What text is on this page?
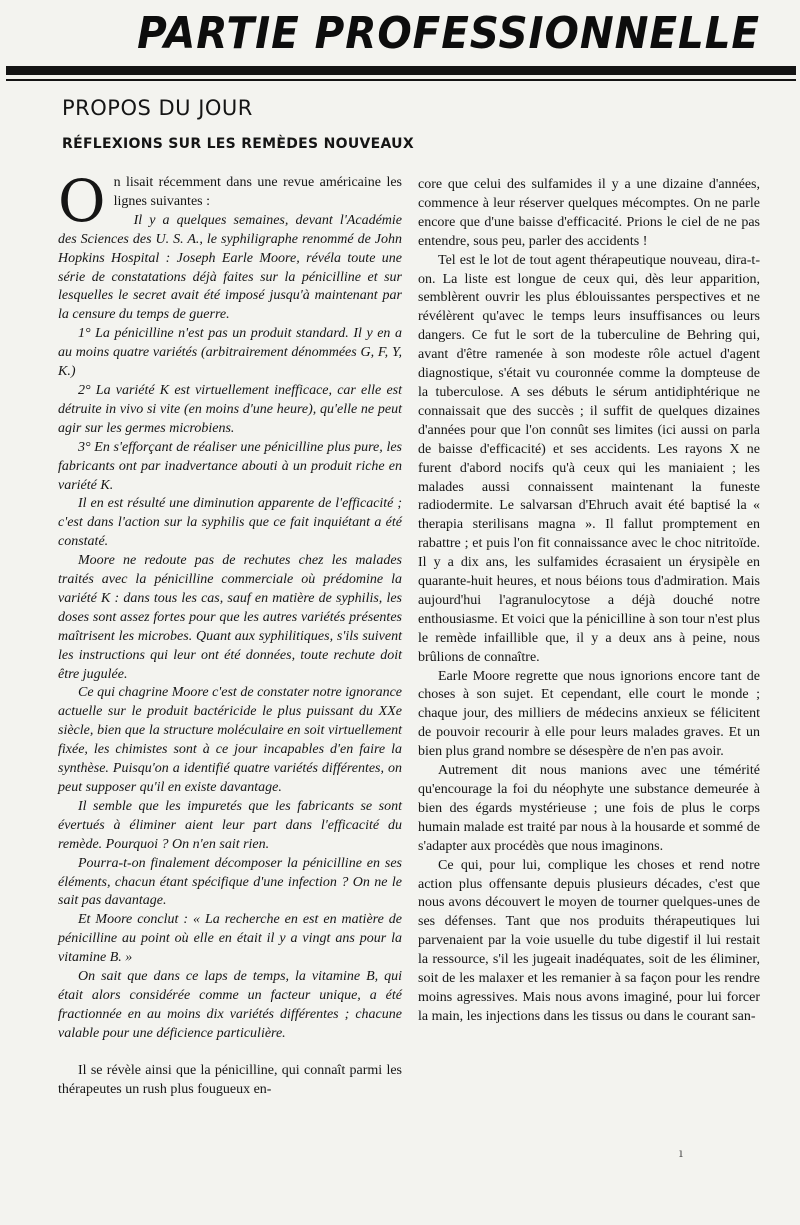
PARTIE PROFESSIONNELLE
PROPOS DU JOUR
RÉFLEXIONS SUR LES REMÈDES NOUVEAUX

On lisait récemment dans une revue américaine les lignes suivantes :

Il y a quelques semaines, devant l'Académie des Sciences des U. S. A., le syphiligraphe renommé de John Hopkins Hospital : Joseph Earle Moore, révéla toute une série de constatations déjà faites sur la pénicilline et sur lesquelles le secret avait été imposé jusqu'à maintenant par la censure du temps de guerre.

1° La pénicilline n'est pas un produit standard. Il y en a au moins quatre variétés (arbitrairement dénommées G, F, Y, K.)

2° La variété K est virtuellement inefficace, car elle est détruite in vivo si vite (en moins d'une heure), qu'elle ne peut agir sur les germes microbiens.

3° En s'efforçant de réaliser une pénicilline plus pure, les fabricants ont par inadvertance abouti à un produit riche en variété K.

Il en est résulté une diminution apparente de l'efficacité ; c'est dans l'action sur la syphilis que ce fait inquiétant a été constaté.

Moore ne redoute pas de rechutes chez les malades traités avec la pénicilline commerciale où prédomine la variété K : dans tous les cas, sauf en matière de syphilis, les doses sont assez fortes pour que les autres variétés présentes maîtrisent les microbes. Quant aux syphilitiques, s'ils suivent les instructions qui leur ont été données, toute rechute doit être jugulée.

Ce qui chagrine Moore c'est de constater notre ignorance actuelle sur le produit bactéricide le plus puissant du XXe siècle, bien que la structure moléculaire en soit virtuellement fixée, les chimistes sont à ce jour incapables d'en faire la synthèse. Puisqu'on a identifié quatre variétés différentes, on peut supposer qu'il en existe davantage.

Il semble que les impuretés que les fabricants se sont évertués à éliminer aient leur part dans l'efficacité du remède. Pourquoi ? On n'en sait rien.

Pourra-t-on finalement décomposer la pénicilline en ses éléments, chacun étant spécifique d'une infection ? On ne le sait pas davantage.

Et Moore conclut : « La recherche en est en matière de pénicilline au point où elle en était il y a vingt ans pour la vitamine B. »

On sait que dans ce laps de temps, la vitamine B, qui était alors considérée comme un facteur unique, a été fractionnée en au moins dix variétés différentes ; chacune valable pour une déficience particulière.

Il se révèle ainsi que la pénicilline, qui connaît parmi les thérapeutes un rush plus fougueux en-

core que celui des sulfamides il y a une dizaine d'années, commence à leur réserver quelques mécomptes. On ne parle encore que d'une baisse d'efficacité. Prions le ciel de ne pas entendre, sous peu, parler des accidents !

Tel est le lot de tout agent thérapeutique nouveau, dira-t-on. La liste est longue de ceux qui, dès leur apparition, semblèrent ouvrir les plus éblouissantes perspectives et ne révélèrent qu'avec le temps leurs insuffisances ou leurs dangers. Ce fut le sort de la tuberculine de Behring qui, avant d'être ramenée à son modeste rôle actuel d'agent diagnostique, s'était vu couronnée comme la dompteuse de la tuberculose. A ses débuts le sérum antidiphtérique ne connaissait que des succès ; il suffit de quelques dizaines d'années pour que l'on connût ses limites (ici aussi on parla de baisse d'efficacité) et ses accidents. Les rayons X ne furent d'abord nocifs qu'à ceux qui les maniaient ; les malades aussi connaissent maintenant la funeste radiodermite. Le salvarsan d'Ehruch avait été baptisé la « therapia sterilisans magna ». Il fallut promptement en rabattre ; et puis l'on fit connaissance avec le choc nitritoïde. Il y a dix ans, les sulfamides écrasaient un érysipèle en quarante-huit heures, et nous béions tous d'admiration. Mais aujourd'hui l'agranulocytose a déjà douché notre enthousiasme. Et voici que la pénicilline à son tour n'est plus le remède infaillible que, il y a deux ans à peine, nous brûlions de connaître.

Earle Moore regrette que nous ignorions encore tant de choses à son sujet. Et cependant, elle court le monde ; chaque jour, des milliers de médecins anxieux se félicitent de pouvoir recourir à elle pour leurs malades graves. Et un bien plus grand nombre se désespère de n'en pas avoir.

Autrement dit nous manions avec une témérité qu'encourage la foi du néophyte une substance demeurée à bien des égards mystérieuse ; une fois de plus le corps humain malade est traité par nous à la housarde et sommé de s'adapter aux procédès que nous imaginons.

Ce qui, pour lui, complique les choses et rend notre action plus offensante depuis plusieurs décades, c'est que nous avons découvert le moyen de tourner quelques-unes de ses défenses. Tant que nos produits thérapeutiques lui parvenaient par la voie usuelle du tube digestif il lui restait la ressource, s'il les jugeait inadéquates, soit de les éliminer, soit de les malaxer et les remanier à sa façon pour les rendre moins agressives. Mais nous avons imaginé, pour lui forcer la main, les injections dans les tissus ou dans le courant san-

ı
